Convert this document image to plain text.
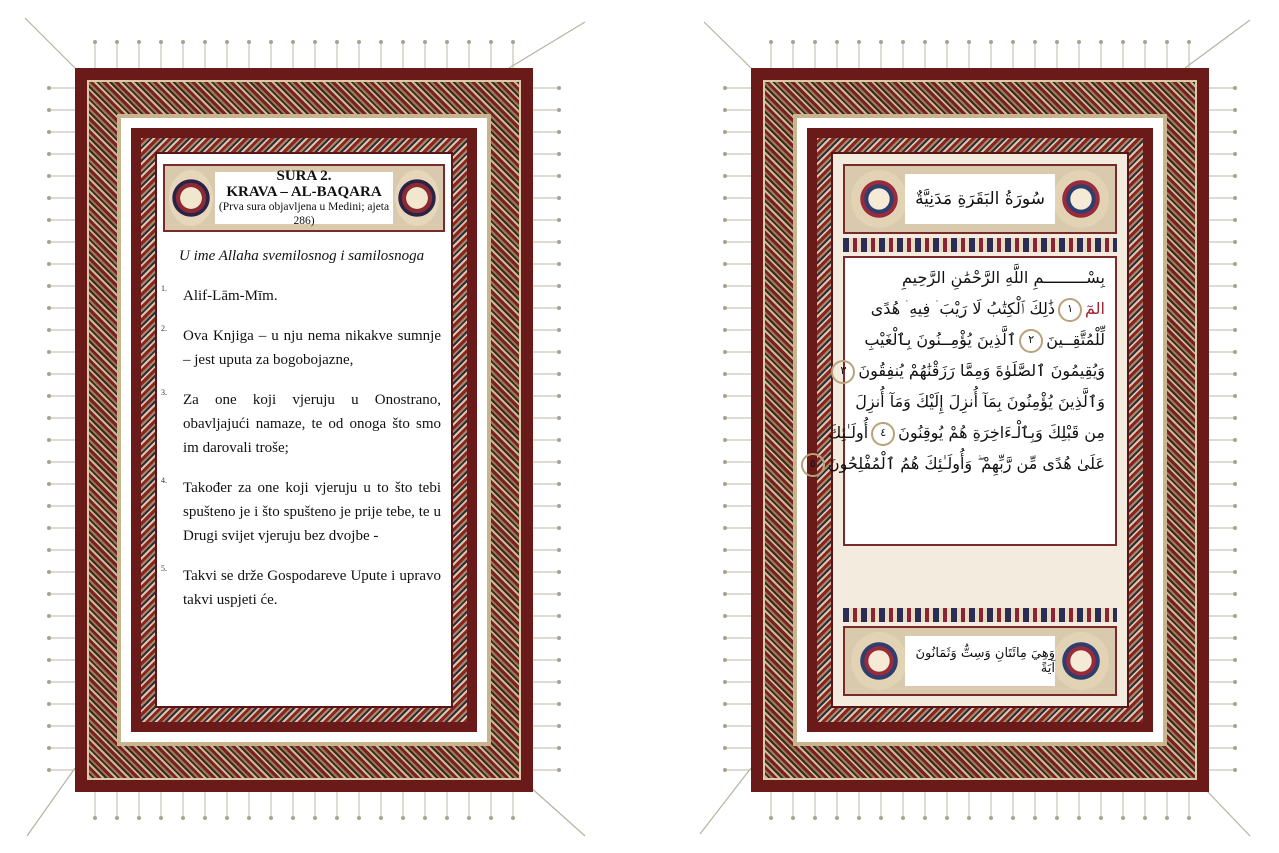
SURA 2.
KRAVA – AL-BAQARA
(Prva sura objavljena u Medini; ajeta 286)
U ime Allaha svemilosnog i samilosnoga
1. Alif-Lām-Mīm.
2. Ova Knjiga – u nju nema nikakve sumnje – jest uputa za bogobojazne,
3. Za one koji vjeruju u Onostrano, obavljajući namaze, te od onoga što smo im darovali troše;
4. Također za one koji vjeruju u to što tebi spušteno je i što spušteno je prije tebe, te u Drugi svijet vjeruju bez dvojbe -
5. Takvi se drže Gospodareve Upute i upravo takvi uspjeti će.
سُورَةُ البَقَرَةِ مَدَنِيَّةٌ
بِسْـــــــــمِ اللَّهِ الرَّحْمَٰنِ الرَّحِيمِ
المٓ١ذَٰلِكَ ٱلْكِتَٰبُ لَا رَيْبَ ۛ فِيهِ ۛ هُدًى
لِّلْمُتَّقِــينَ٢ٱلَّذِينَ يُؤْمِــنُونَ بِٱلْغَيْبِ
وَيُقِيمُونَ ٱلصَّلَوٰةَ وَمِمَّا رَزَقْنَٰهُمْ يُنفِقُونَ٣
وَٱلَّذِينَ يُؤْمِنُونَ بِمَآ أُنزِلَ إِلَيْكَ وَمَآ أُنزِلَ
مِن قَبْلِكَ وَبِٱلْـءَاخِرَةِ هُمْ يُوقِنُونَ٤أُولَـٰئِكَ
عَلَىٰ هُدًى مِّن رَّبِّهِمْ ۖ وَأُولَـٰئِكَ هُمُ ٱلْمُفْلِحُونَ٥
وَهِيَ مِائَتَانِ وَسِتٌّ وَثَمَانُونَ آيَةً
